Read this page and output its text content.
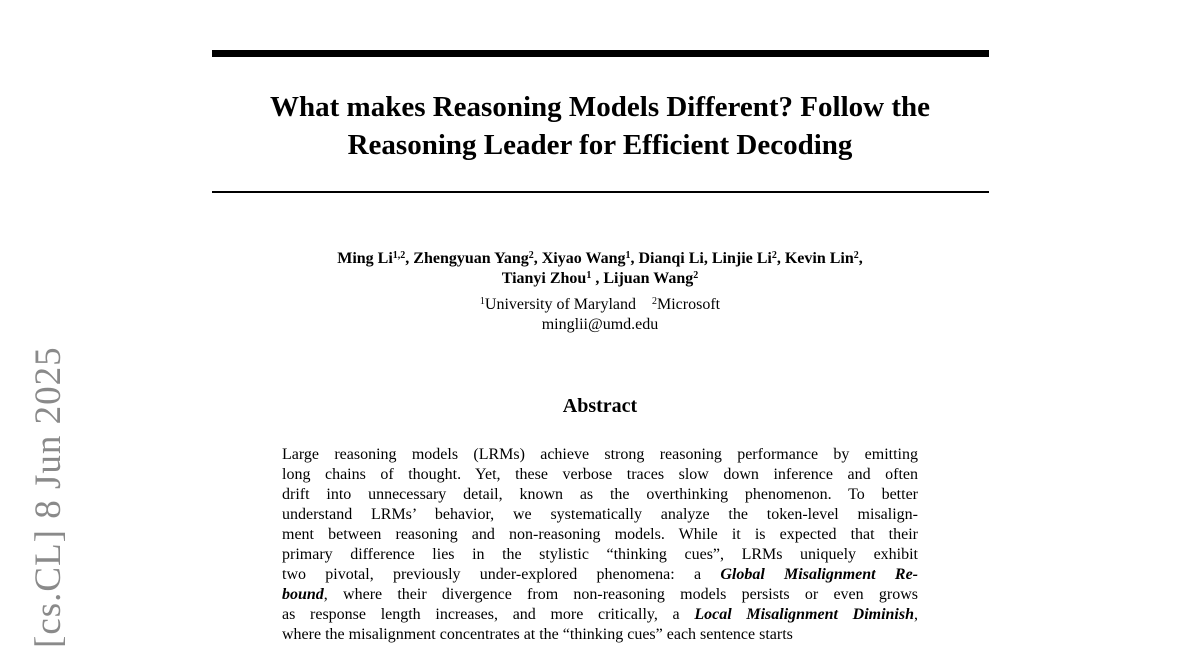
What makes Reasoning Models Different? Follow the
Reasoning Leader for Efficient Decoding
Ming Li$^{1,2}$, Zhengyuan Yang$^2$, Xiyao Wang$^1$, Dianqi Li, Linjie Li$^2$, Kevin Lin$^2$,
Tianyi Zhou$^1$ , Lijuan Wang$^2$
$^1$University of Maryland $^2$Microsoft
minglii@umd.edu
Abstract
Large reasoning models (LRMs) achieve strong reasoning performance by emitting
long chains of thought. Yet, these verbose traces slow down inference and often
drift into unnecessary detail, known as the overthinking phenomenon. To better
understand LRMs’ behavior, we systematically analyze the token-level misalign-
ment between reasoning and non-reasoning models. While it is expected that their
primary difference lies in the stylistic “thinking cues”, LRMs uniquely exhibit
two pivotal, previously under-explored phenomena: a Global Misalignment Re-
bound, where their divergence from non-reasoning models persists or even grows
as response length increases, and more critically, a Local Misalignment Diminish,
where the misalignment concentrates at the “thinking cues” each sentence starts
[cs.CL] 8 Jun 2025
